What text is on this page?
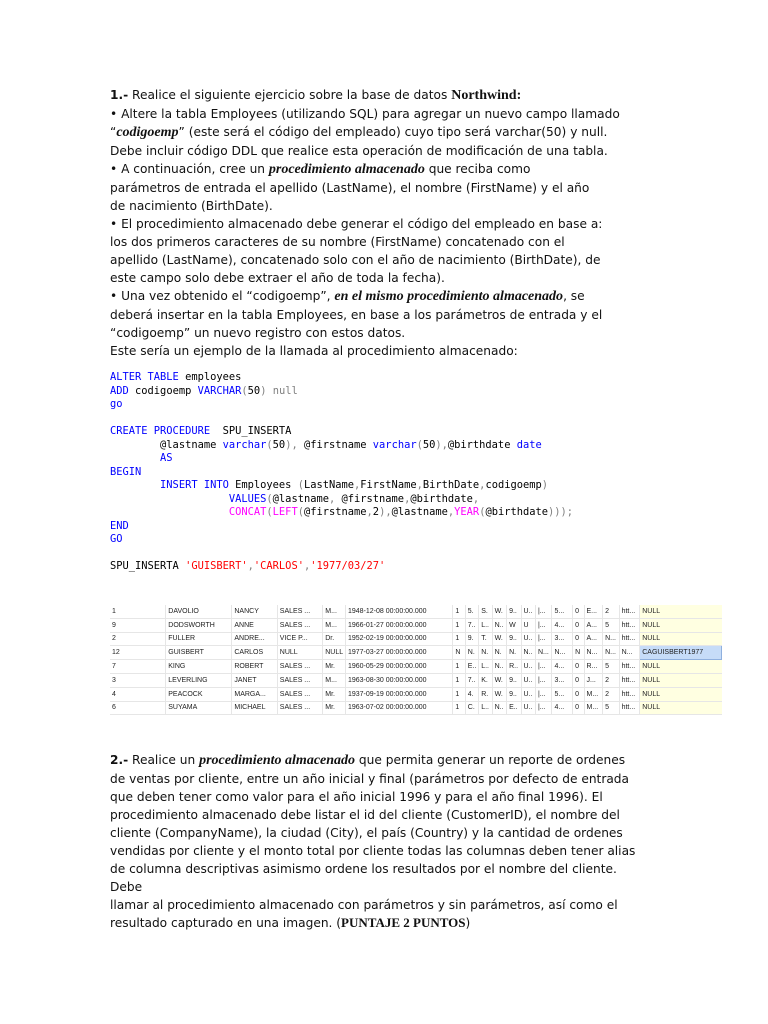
1.- Realice el siguiente ejercicio sobre la base de datos Northwind:
• Altere la tabla Employees (utilizando SQL) para agregar un nuevo campo llamado
“codigoemp” (este será el código del empleado) cuyo tipo será varchar(50) y null.
Debe incluir código DDL que realice esta operación de modificación de una tabla.
• A continuación, cree un procedimiento almacenado que reciba como
parámetros de entrada el apellido (LastName), el nombre (FirstName) y el año
de nacimiento (BirthDate).
• El procedimiento almacenado debe generar el código del empleado en base a:
los dos primeros caracteres de su nombre (FirstName) concatenado con el
apellido (LastName), concatenado solo con el año de nacimiento (BirthDate), de
este campo solo debe extraer el año de toda la fecha).
• Una vez obtenido el “codigoemp”, en el mismo procedimiento almacenado, se
deberá insertar en la tabla Employees, en base a los parámetros de entrada y el
“codigoemp” un nuevo registro con estos datos.
Este sería un ejemplo de la llamada al procedimiento almacenado:
ALTER TABLE employees
ADD codigoemp VARCHAR(50) null
go

CREATE PROCEDURE  SPU_INSERTA
@lastname varchar(50), @firstname varchar(50),@birthdate date
AS
BEGIN
INSERT INTO Employees (LastName,FirstName,BirthDate,codigoemp)
VALUES(@lastname, @firstname,@birthdate,
CONCAT(LEFT(@firstname,2),@lastname,YEAR(@birthdate)));
END
GO

SPU_INSERTA 'GUISBERT','CARLOS','1977/03/27'
1	DAVOLIO	NANCY	SALES ...	M...	1948-12-08 00:00:00.000	1	5.	S.	W.	9..	U..	|...	5...	0	E...	2	htt...	NULL
9	DODSWORTH	ANNE	SALES ...	M...	1966-01-27 00:00:00.000	1	7..	L..	N..	W	U	|...	4...	0	A...	5	htt...	NULL
2	FULLER	ANDRE...	VICE P...	Dr.	1952-02-19 00:00:00.000	1	9.	T.	W.	9..	U..	|...	3...	0	A...	N...	htt...	NULL
12	GUISBERT	CARLOS	NULL	NULL	1977-03-27 00:00:00.000	N	N.	N.	N.	N.	N..	N...	N...	N	N...	N...	N...	CAGUISBERT1977
7	KING	ROBERT	SALES ...	Mr.	1960-05-29 00:00:00.000	1	E..	L..	N..	R..	U..	|...	4...	0	R...	5	htt...	NULL
3	LEVERLING	JANET	SALES ...	M...	1963-08-30 00:00:00.000	1	7..	K.	W.	9..	U..	|...	3...	0	J...	2	htt...	NULL
4	PEACOCK	MARGA...	SALES ...	Mr.	1937-09-19 00:00:00.000	1	4.	R.	W.	9..	U..	|...	5...	0	M...	2	htt...	NULL
6	SUYAMA	MICHAEL	SALES ...	Mr.	1963-07-02 00:00:00.000	1	C.	L..	N..	E..	U..	|...	4...	0	M...	5	htt...	NULL
2.- Realice un procedimiento almacenado que permita generar un reporte de ordenes
de ventas por cliente, entre un año inicial y final (parámetros por defecto de entrada
que deben tener como valor para el año inicial 1996 y para el año final 1996). El
procedimiento almacenado debe listar el id del cliente (CustomerID), el nombre del
cliente (CompanyName), la ciudad (City), el país (Country) y la cantidad de ordenes
vendidas por cliente y el monto total por cliente todas las columnas deben tener alias
de columna descriptivas asimismo ordene los resultados por el nombre del cliente.
Debe
llamar al procedimiento almacenado con parámetros y sin parámetros, así como el
resultado capturado en una imagen. (PUNTAJE 2 PUNTOS)
